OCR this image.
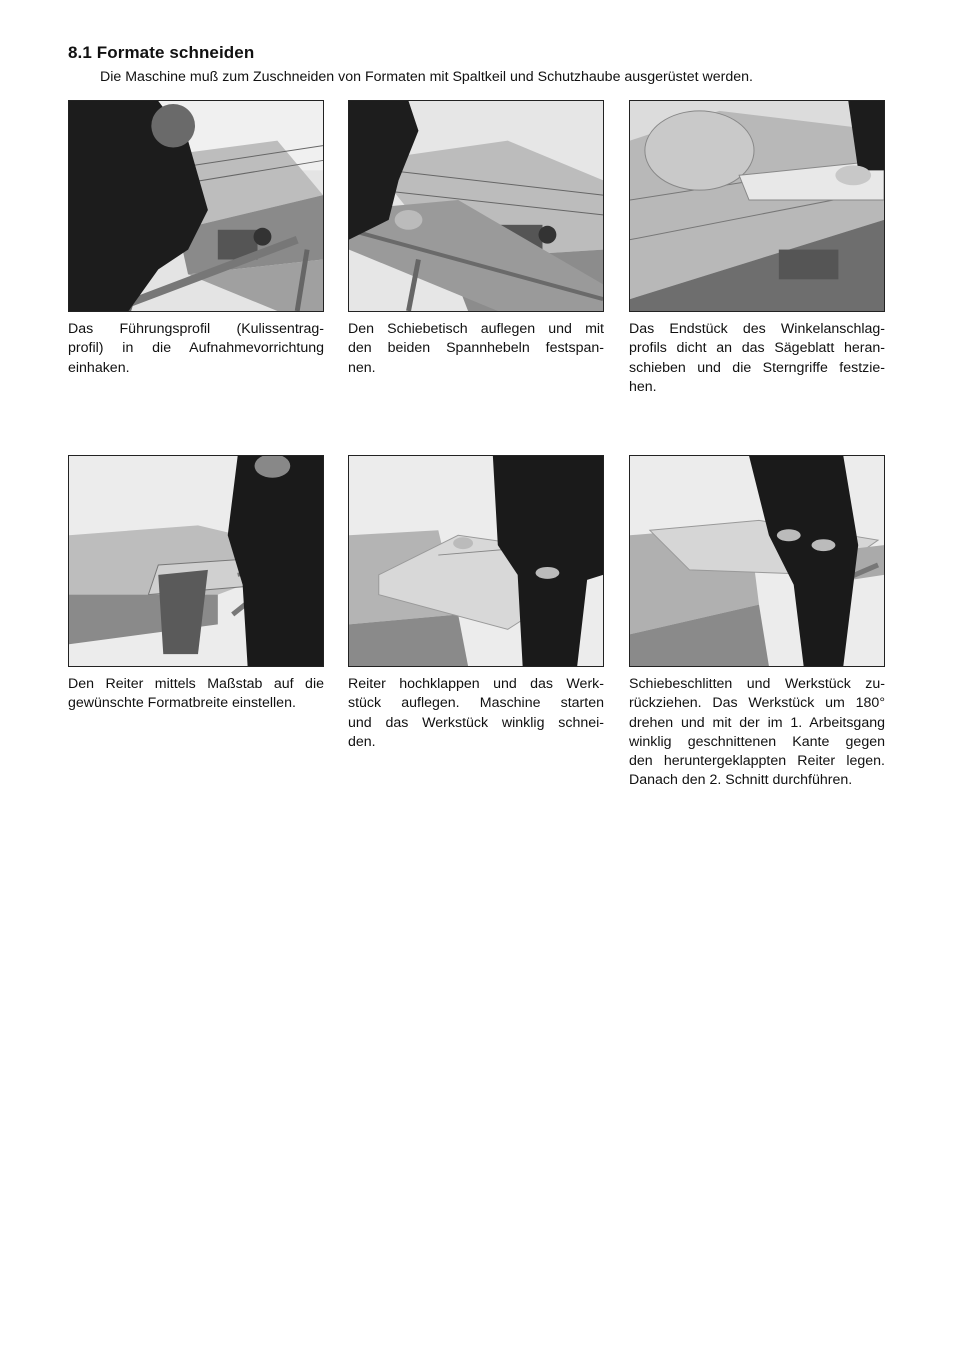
8.1 Formate schneiden
Die Maschine muß zum Zuschneiden von Formaten mit Spaltkeil und Schutzhaube ausgerüstet werden.
Das Führungsprofil (Kulissentrag-
profil) in die Aufnahmevorrichtung
einhaken.
Den Schiebetisch auflegen und mit
den beiden Spannhebeln festspan-
nen.
Das Endstück des Winkelanschlag-
profils dicht an das Sägeblatt heran-
schieben und die Sterngriffe festzie-
hen.
Den Reiter mittels Maßstab auf die
gewünschte Formatbreite einstellen.
Reiter hochklappen und das Werk-
stück auflegen. Maschine starten
und das Werkstück winklig schnei-
den.
Schiebeschlitten und Werkstück zu-
rückziehen. Das Werkstück um 180°
drehen und mit der im 1. Arbeitsgang
winklig geschnittenen Kante gegen
den heruntergeklappten Reiter legen.
Danach den 2. Schnitt durchführen.
